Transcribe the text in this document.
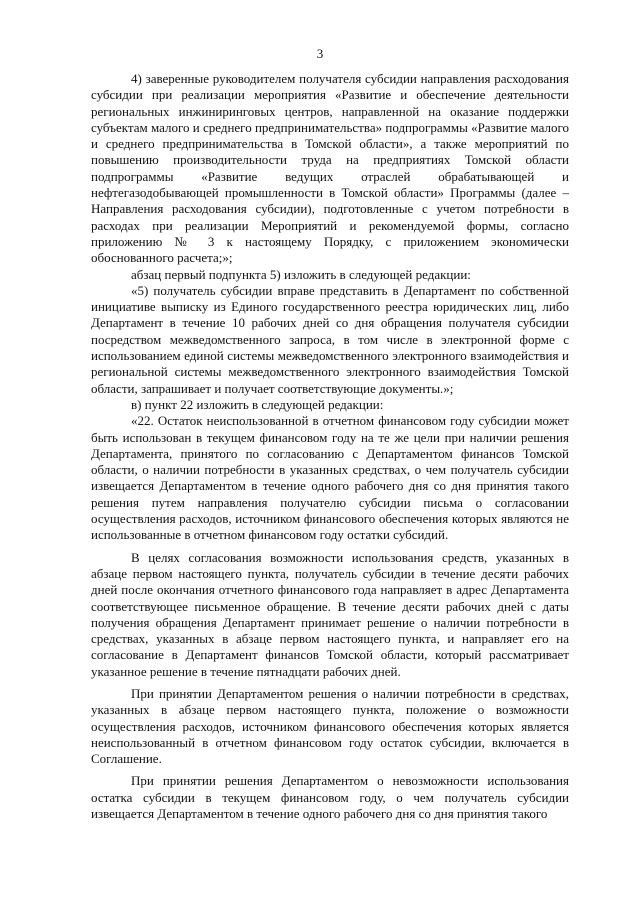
3

4) заверенные руководителем получателя субсидии направления расходования субсидии при реализации мероприятия «Развитие и обеспечение деятельности региональных инжиниринговых центров, направленной на оказание поддержки субъектам малого и среднего предпринимательства» подпрограммы «Развитие малого и среднего предпринимательства в Томской области», а также мероприятий по повышению производительности труда на предприятиях Томской области подпрограммы «Развитие ведущих отраслей обрабатывающей и нефтегазодобывающей промышленности в Томской области» Программы (далее – Направления расходования субсидии), подготовленные с учетом потребности в расходах при реализации Мероприятий и рекомендуемой формы, согласно приложению № 3 к настоящему Порядку, с приложением экономически обоснованного расчета;»;

абзац первый подпункта 5) изложить в следующей редакции:

«5) получатель субсидии вправе представить в Департамент по собственной инициативе выписку из Единого государственного реестра юридических лиц, либо Департамент в течение 10 рабочих дней со дня обращения получателя субсидии посредством межведомственного запроса, в том числе в электронной форме с использованием единой системы межведомственного электронного взаимодействия и региональной системы межведомственного электронного взаимодействия Томской области, запрашивает и получает соответствующие документы.»;

в) пункт 22 изложить в следующей редакции:

«22. Остаток неиспользованной в отчетном финансовом году субсидии может быть использован в текущем финансовом году на те же цели при наличии решения Департамента, принятого по согласованию с Департаментом финансов Томской области, о наличии потребности в указанных средствах, о чем получатель субсидии извещается Департаментом в течение одного рабочего дня со дня принятия такого решения путем направления получателю субсидии письма о согласовании осуществления расходов, источником финансового обеспечения которых являются не использованные в отчетном финансовом году остатки субсидий.

В целях согласования возможности использования средств, указанных в абзаце первом настоящего пункта, получатель субсидии в течение десяти рабочих дней после окончания отчетного финансового года направляет в адрес Департамента соответствующее письменное обращение. В течение десяти рабочих дней с даты получения обращения Департамент принимает решение о наличии потребности в средствах, указанных в абзаце первом настоящего пункта, и направляет его на согласование в Департамент финансов Томской области, который рассматривает указанное решение в течение пятнадцати рабочих дней.

При принятии Департаментом решения о наличии потребности в средствах, указанных в абзаце первом настоящего пункта, положение о возможности осуществления расходов, источником финансового обеспечения которых является неиспользованный в отчетном финансовом году остаток субсидии, включается в Соглашение.

При принятии решения Департаментом о невозможности использования остатка субсидии в текущем финансовом году, о чем получатель субсидии извещается Департаментом в течение одного рабочего дня со дня принятия такого
